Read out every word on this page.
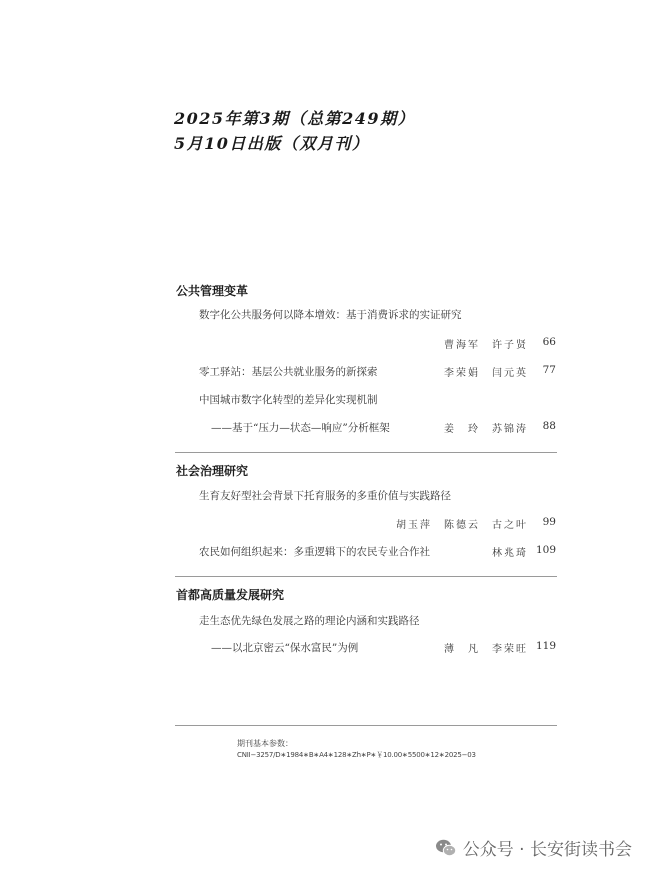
2025年第3期（总第249期）
5月10日出版（双月刊）
公共管理变革
数字化公共服务何以降本增效：基于消费诉求的实证研究
曹海军　许子贤 66
零工驿站：基层公共就业服务的新探索	李荣娟　闫元英 77
中国城市数字化转型的差异化实现机制
——基于“压力—状态—响应”分析框架	姜　玲　苏锦涛 88
社会治理研究
生育友好型社会背景下托育服务的多重价值与实践路径
胡玉萍　陈德云　古之叶 99
农民如何组织起来：多重逻辑下的农民专业合作社	林兆琦 109
首都高质量发展研究
走生态优先绿色发展之路的理论内涵和实践路径
——以北京密云“保水富民”为例	薄　凡　李荣旺 119
期刊基本参数：
CNII−3257/D∗1984∗B∗A4∗128∗Zh∗P∗￥10.00∗5500∗12∗2025−03
公众号 · 长安街读书会
